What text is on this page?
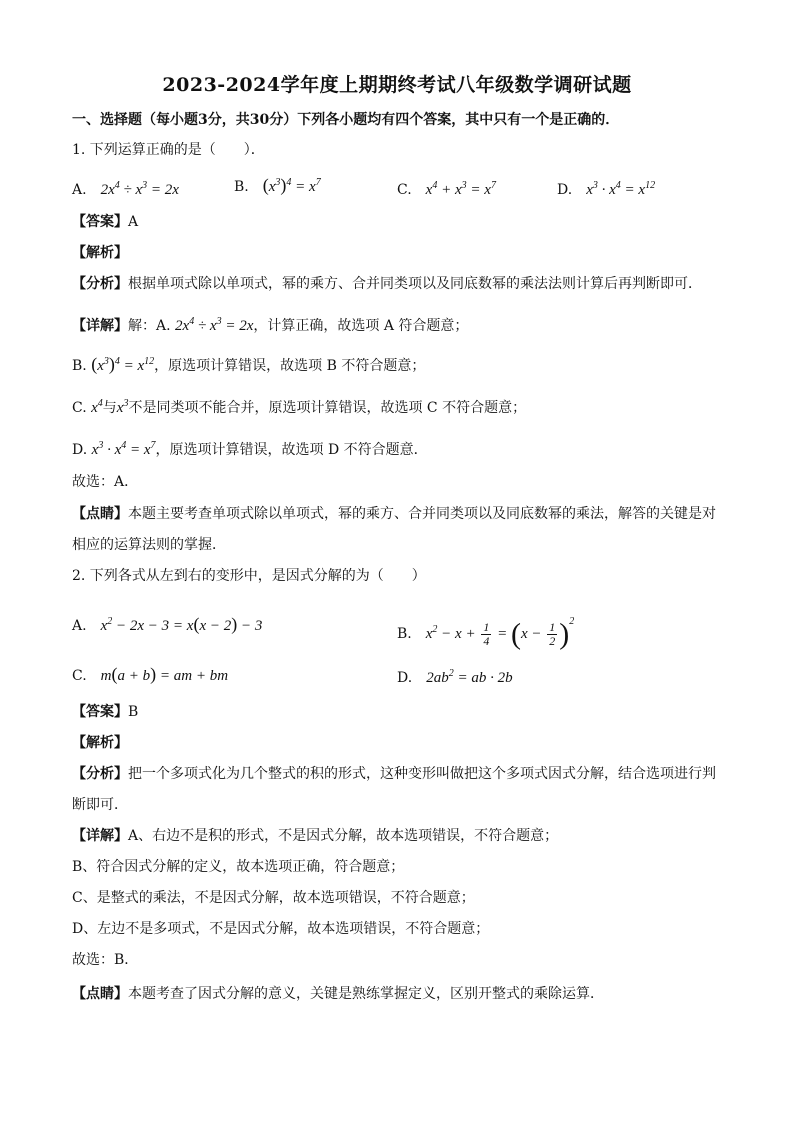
2023-2024学年度上期期终考试八年级数学调研试题
一、选择题（每小题3分，共30分）下列各小题均有四个答案，其中只有一个是正确的．
1. 下列运算正确的是（　　）．
A. $2x^4 \div x^3 = 2x$	B. $(x^3)^4 = x^7$	C. $x^4 + x^3 = x^7$	D. $x^3 \cdot x^4 = x^{12}$
【答案】A
【解析】
【分析】根据单项式除以单项式，幂的乘方、合并同类项以及同底数幂的乘法法则计算后再判断即可．
【详解】解：A. $2x^4 \div x^3 = 2x$，计算正确，故选项 A 符合题意；
B. $(x^3)^4 = x^{12}$，原选项计算错误，故选项 B 不符合题意；
C. $x^4$与$x^3$不是同类项不能合并，原选项计算错误，故选项 C 不符合题意；
D. $x^3 \cdot x^4 = x^7$，原选项计算错误，故选项 D 不符合题意．
故选：A．
【点睛】本题主要考查单项式除以单项式，幂的乘方、合并同类项以及同底数幂的乘法，解答的关键是对
相应的运算法则的掌握．
2. 下列各式从左到右的变形中，是因式分解的为（　　）
A. $x^2 - 2x - 3 = x(x - 2) - 3$	B. $x^2 - x + \frac{1}{4} = (x - \frac{1}{2} )^2$
C. m(a + b) = am + bm	D. $2ab^2$ = ab · 2b
【答案】B
【解析】
【分析】把一个多项式化为几个整式的积的形式，这种变形叫做把这个多项式因式分解，结合选项进行判
断即可．
【详解】A、右边不是积的形式，不是因式分解，故本选项错误，不符合题意；
B、符合因式分解的定义，故本选项正确，符合题意；
C、是整式的乘法，不是因式分解，故本选项错误，不符合题意；
D、左边不是多项式，不是因式分解，故本选项错误，不符合题意；
故选：B．
【点睛】本题考查了因式分解的意义，关键是熟练掌握定义，区别开整式的乘除运算．
